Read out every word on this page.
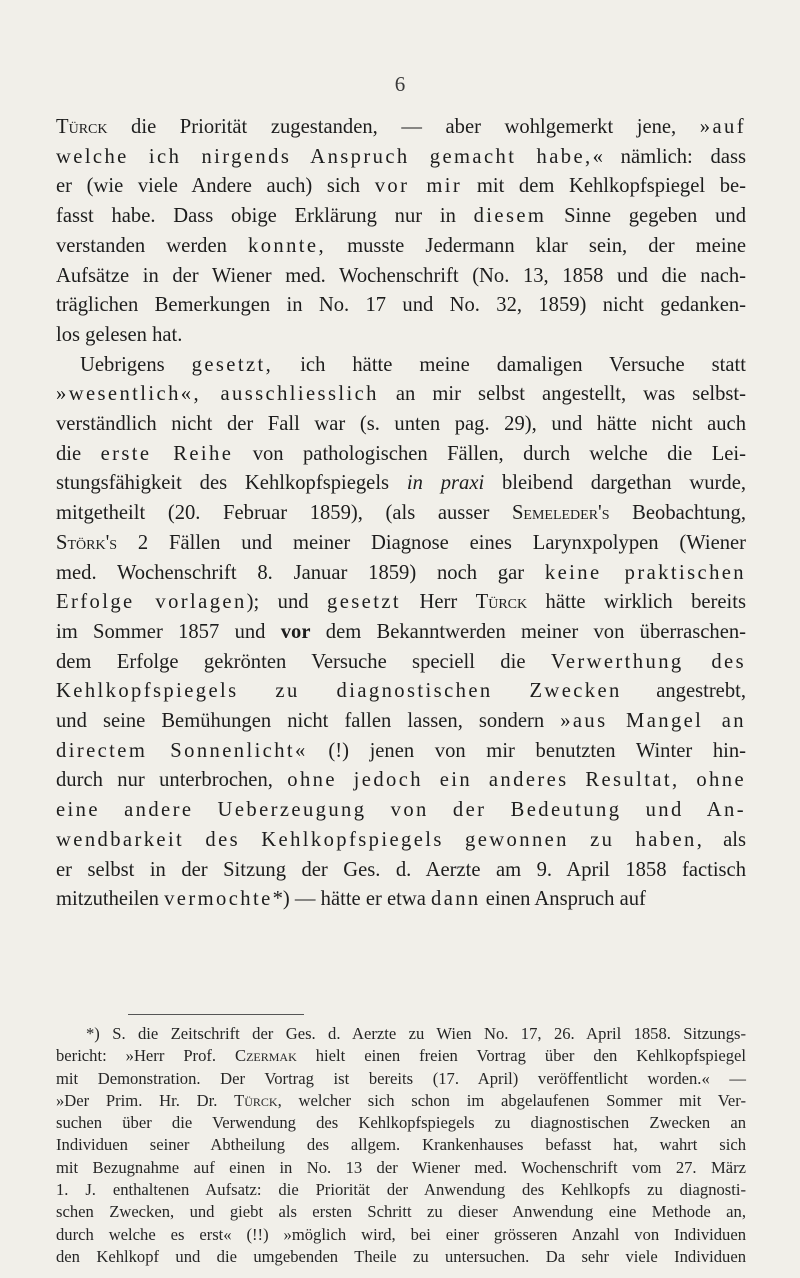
6
Türck die Priorität zugestanden, — aber wohlgemerkt jene, »auf
welche ich nirgends Anspruch gemacht habe,« nämlich: dass
er (wie viele Andere auch) sich vor mir mit dem Kehlkopfspiegel be-
fasst habe. Dass obige Erklärung nur in diesem Sinne gegeben und
verstanden werden konnte, musste Jedermann klar sein, der meine
Aufsätze in der Wiener med. Wochenschrift (No. 13, 1858 und die nach-
träglichen Bemerkungen in No. 17 und No. 32, 1859) nicht gedanken-
los gelesen hat.
Uebrigens gesetzt, ich hätte meine damaligen Versuche statt
»wesentlich«, ausschliesslich an mir selbst angestellt, was selbst-
verständlich nicht der Fall war (s. unten pag. 29), und hätte nicht auch
die erste Reihe von pathologischen Fällen, durch welche die Lei-
stungsfähigkeit des Kehlkopfspiegels in praxi bleibend dargethan wurde,
mitgetheilt (20. Februar 1859), (als ausser Semeleder's Beobachtung,
Störk's 2 Fällen und meiner Diagnose eines Larynxpolypen (Wiener
med. Wochenschrift 8. Januar 1859) noch gar keine praktischen
Erfolge vorlagen); und gesetzt Herr Türck hätte wirklich bereits
im Sommer 1857 und vor dem Bekanntwerden meiner von überraschen-
dem Erfolge gekrönten Versuche speciell die Verwerthung des
Kehlkopfspiegels zu diagnostischen Zwecken angestrebt,
und seine Bemühungen nicht fallen lassen, sondern »aus Mangel an
directem Sonnenlicht« (!) jenen von mir benutzten Winter hin-
durch nur unterbrochen, ohne jedoch ein anderes Resultat, ohne
eine andere Ueberzeugung von der Bedeutung und An-
wendbarkeit des Kehlkopfspiegels gewonnen zu haben, als
er selbst in der Sitzung der Ges. d. Aerzte am 9. April 1858 factisch
mitzutheilen vermochte*) — hätte er etwa dann einen Anspruch auf
*) S. die Zeitschrift der Ges. d. Aerzte zu Wien No. 17, 26. April 1858. Sitzungs-
bericht: »Herr Prof. Czermak hielt einen freien Vortrag über den Kehlkopfspiegel
mit Demonstration. Der Vortrag ist bereits (17. April) veröffentlicht worden.« —
»Der Prim. Hr. Dr. Türck, welcher sich schon im abgelaufenen Sommer mit Ver-
suchen über die Verwendung des Kehlkopfspiegels zu diagnostischen Zwecken an
Individuen seiner Abtheilung des allgem. Krankenhauses befasst hat, wahrt sich
mit Bezugnahme auf einen in No. 13 der Wiener med. Wochenschrift vom 27. März
1. J. enthaltenen Aufsatz: die Priorität der Anwendung des Kehlkopfs zu diagnosti-
schen Zwecken, und giebt als ersten Schritt zu dieser Anwendung eine Methode an,
durch welche es erst« (!!) »möglich wird, bei einer grösseren Anzahl von Individuen
den Kehlkopf und die umgebenden Theile zu untersuchen. Da sehr viele Individuen
